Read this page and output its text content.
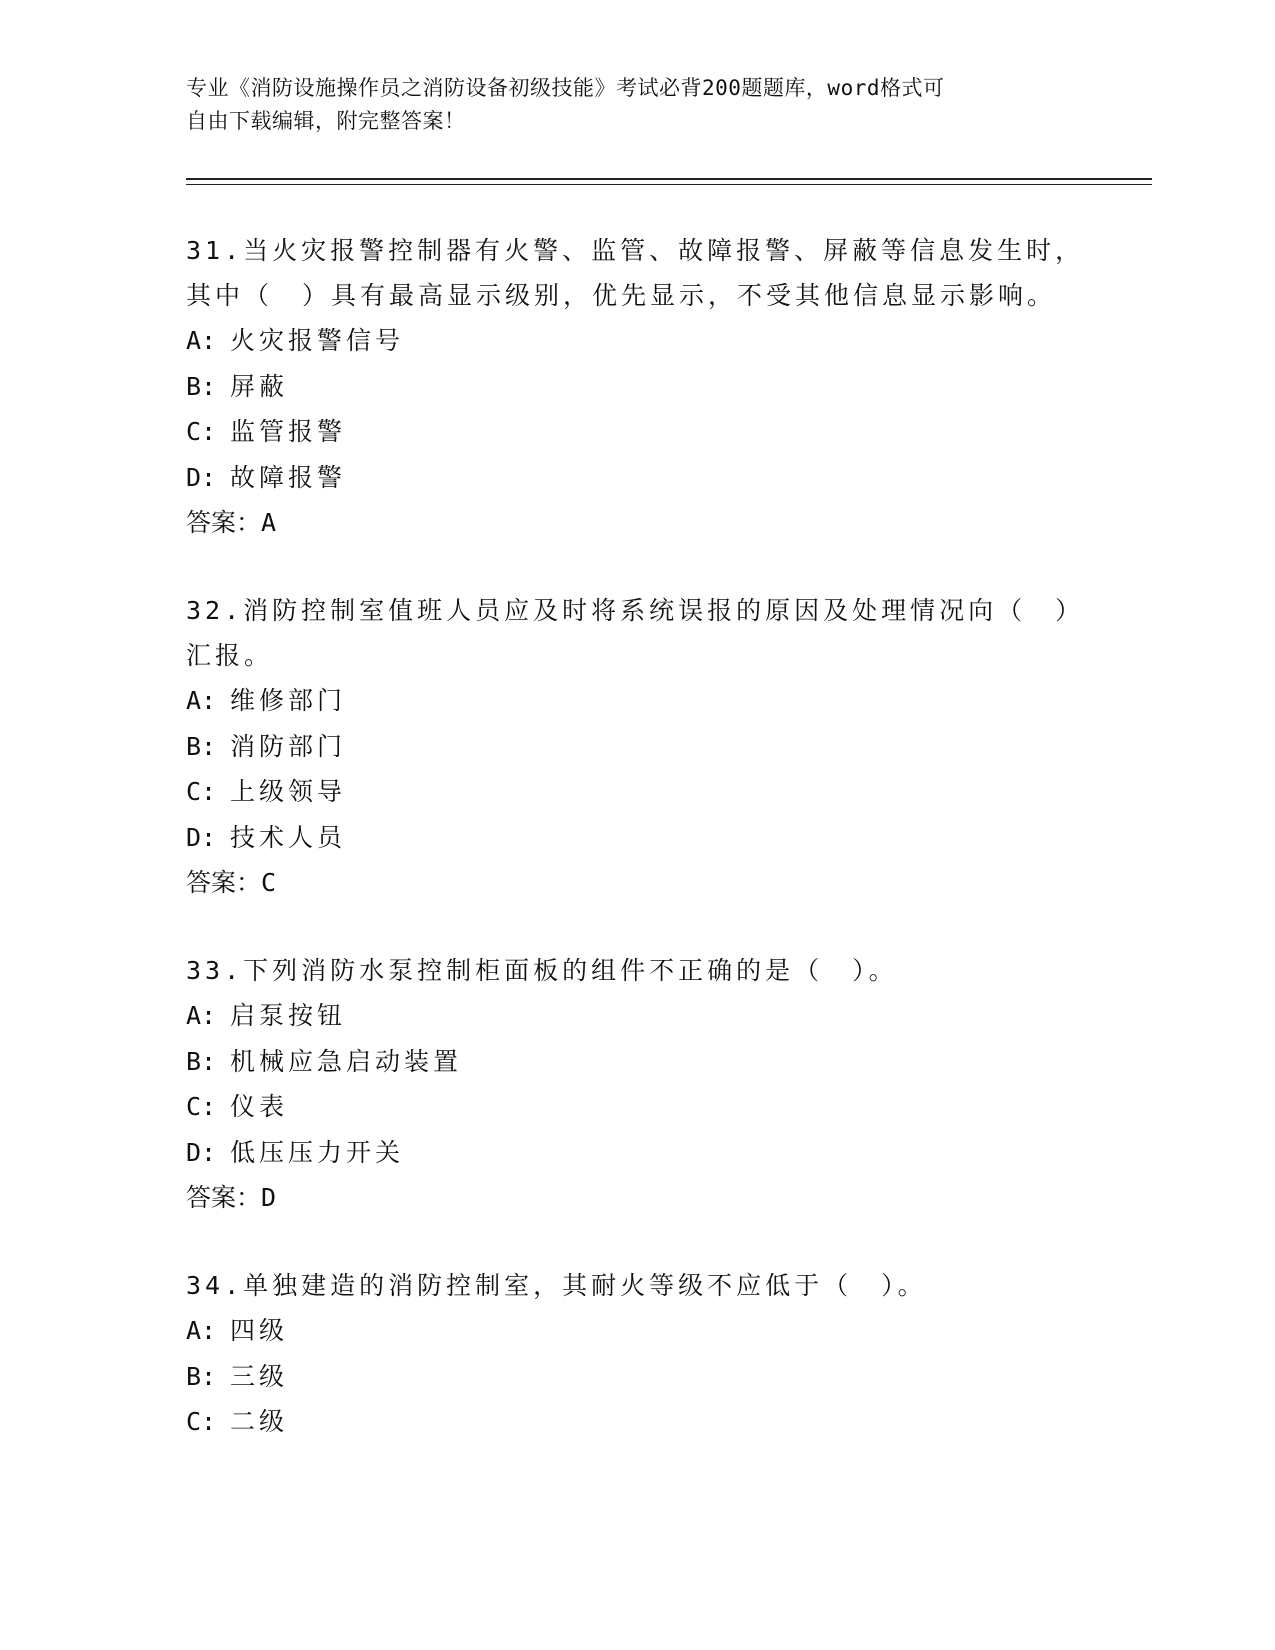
专业《消防设施操作员之消防设备初级技能》考试必背200题题库，word格式可
自由下载编辑，附完整答案！
31.当火灾报警控制器有火警、监管、故障报警、屏蔽等信息发生时，
其中（　）具有最高显示级别，优先显示，不受其他信息显示影响。
A: 火灾报警信号
B: 屏蔽
C: 监管报警
D: 故障报警
答案：A
32.消防控制室值班人员应及时将系统误报的原因及处理情况向（　）
汇报。
A: 维修部门
B: 消防部门
C: 上级领导
D: 技术人员
答案：C
33.下列消防水泵控制柜面板的组件不正确的是（　）。
A: 启泵按钮
B: 机械应急启动装置
C: 仪表
D: 低压压力开关
答案：D
34.单独建造的消防控制室，其耐火等级不应低于（　）。
A: 四级
B: 三级
C: 二级
